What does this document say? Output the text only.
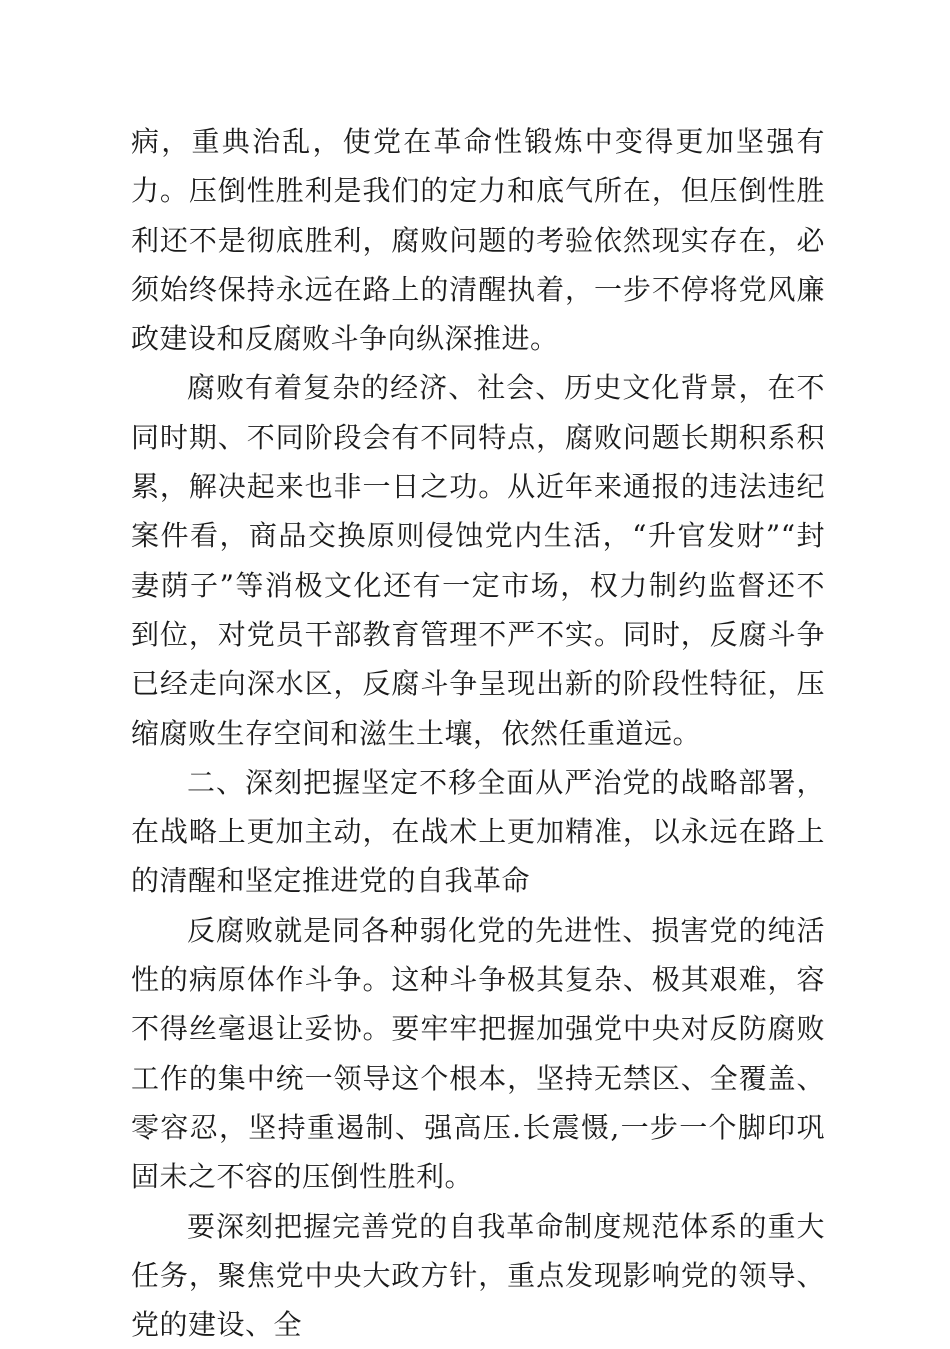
病，重典治乱，使党在革命性锻炼中变得更加坚强有力。压倒性胜利是我们的定力和底气所在，但压倒性胜利还不是彻底胜利，腐败问题的考验依然现实存在，必须始终保持永远在路上的清醒执着，一步不停将党风廉政建设和反腐败斗争向纵深推进。

腐败有着复杂的经济、社会、历史文化背景，在不同时期、不同阶段会有不同特点，腐败问题长期积系积累，解决起来也非一日之功。从近年来通报的违法违纪案件看，商品交换原则侵蚀党内生活，“升官发财”“封妻荫子”等消极文化还有一定市场，权力制约监督还不到位，对党员干部教育管理不严不实。同时，反腐斗争已经走向深水区，反腐斗争呈现出新的阶段性特征，压缩腐败生存空间和滋生土壤，依然任重道远。

二、深刻把握坚定不移全面从严治党的战略部署，在战略上更加主动，在战术上更加精准，以永远在路上的清醒和坚定推进党的自我革命

反腐败就是同各种弱化党的先进性、损害党的纯活性的病原体作斗争。这种斗争极其复杂、极其艰难，容不得丝毫退让妥协。要牢牢把握加强党中央对反防腐败工作的集中统一领导这个根本，坚持无禁区、全覆盖、零容忍，坚持重遏制、强高压.长震慑,一步一个脚印巩固未之不容的压倒性胜利。

要深刻把握完善党的自我革命制度规范体系的重大任务，聚焦党中央大政方针，重点发现影响党的领导、党的建设、全
